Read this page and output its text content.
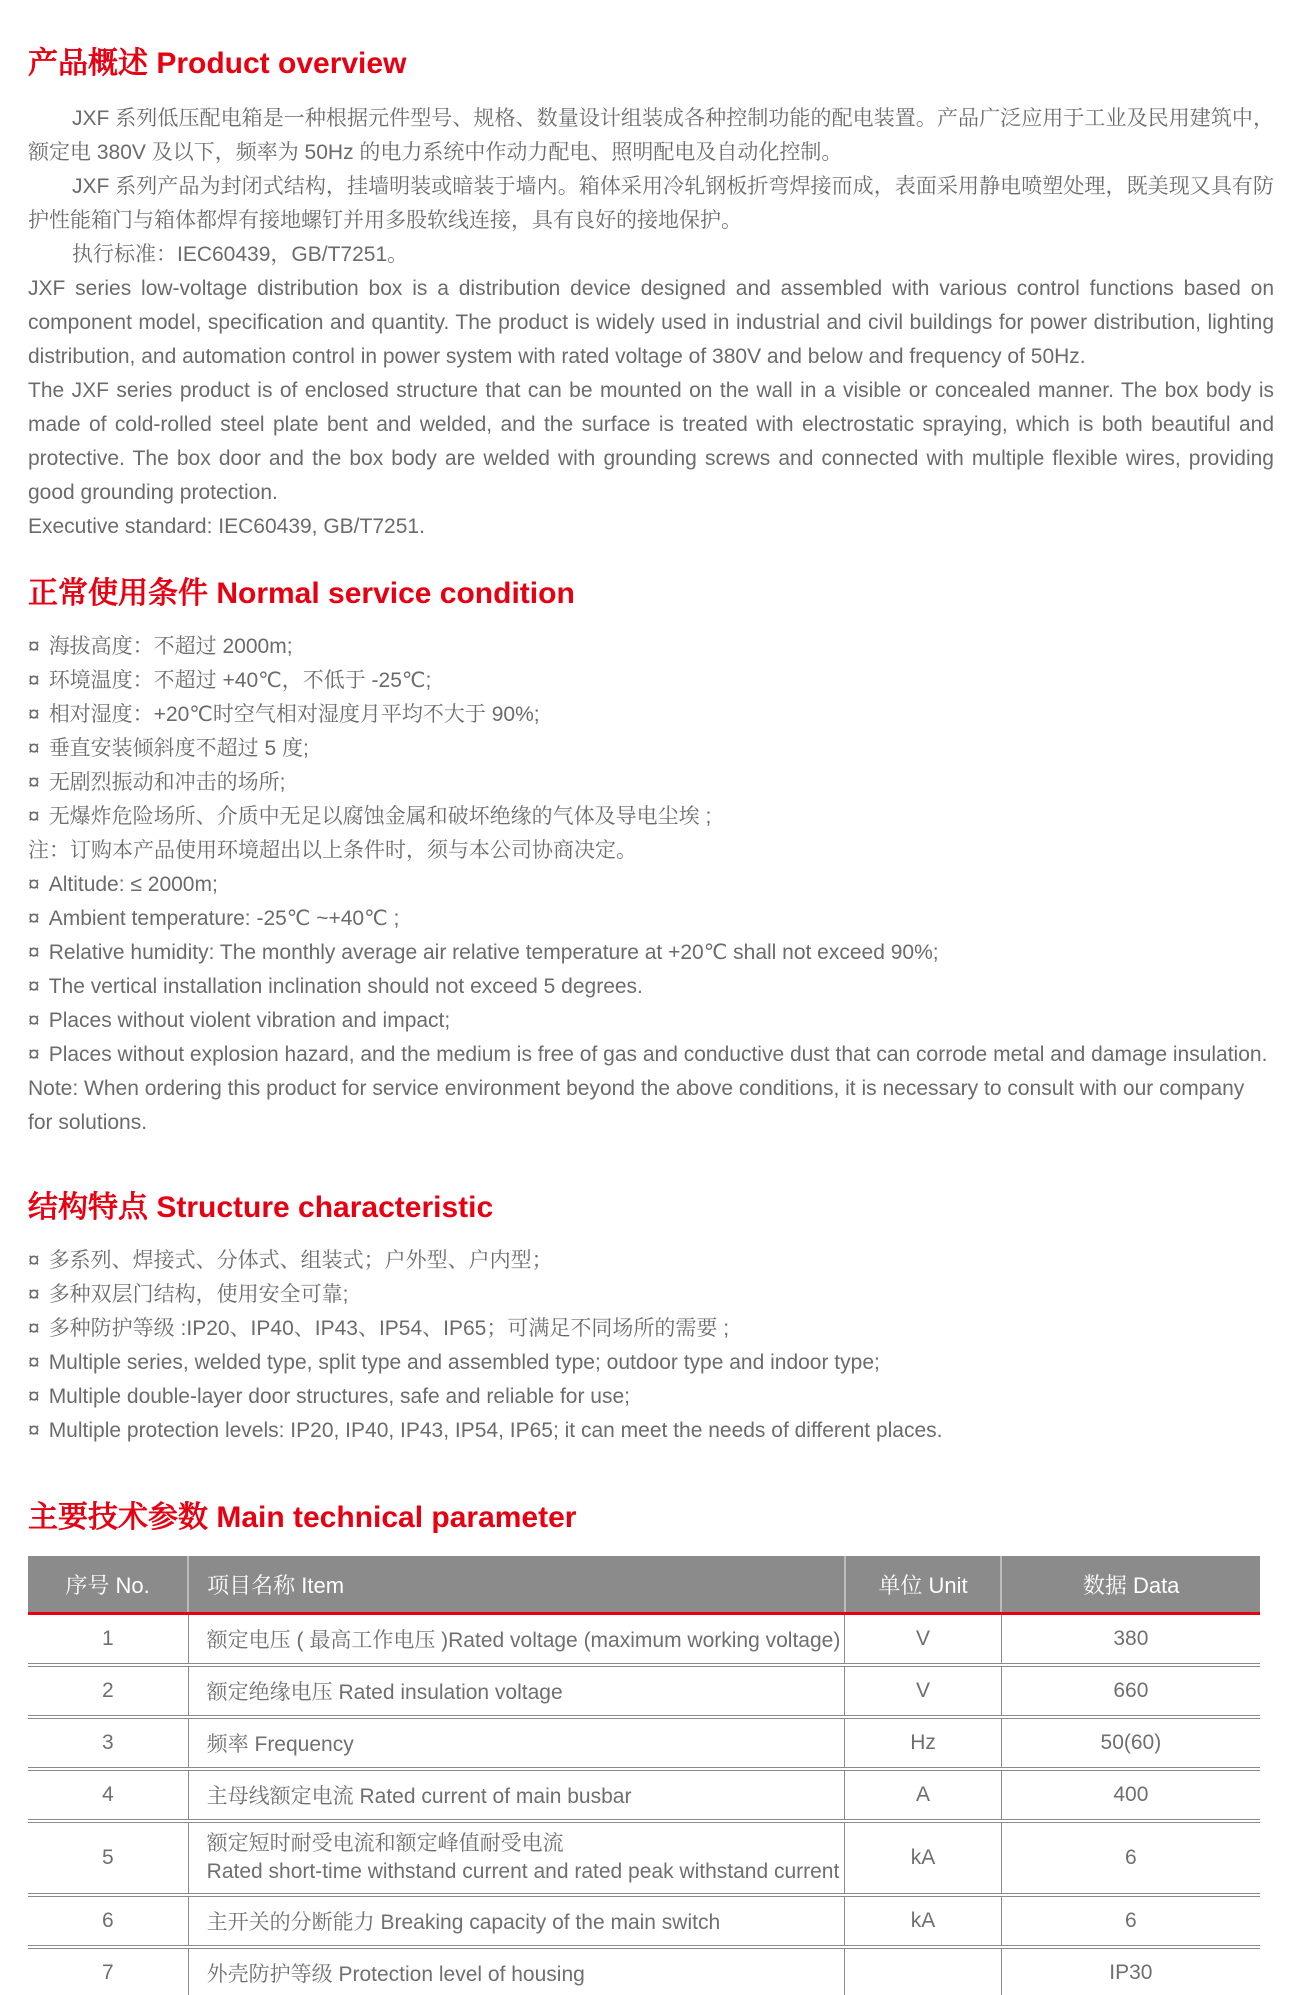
产品概述 Product overview

JXF 系列低压配电箱是一种根据元件型号、规格、数量设计组装成各种控制功能的配电装置。产品广泛应用于工业及民用建筑中，额定电 380V 及以下，频率为 50Hz 的电力系统中作动力配电、照明配电及自动化控制。

JXF 系列产品为封闭式结构，挂墙明装或暗装于墙内。箱体采用冷轧钢板折弯焊接而成，表面采用静电喷塑处理，既美现又具有防护性能箱门与箱体都焊有接地螺钉并用多股软线连接，具有良好的接地保护。

执行标准：IEC60439，GB/T7251。

JXF series low-voltage distribution box is a distribution device designed and assembled with various control functions based on component model, specification and quantity. The product is widely used in industrial and civil buildings for power distribution, lighting distribution, and automation control in power system with rated voltage of 380V and below and frequency of 50Hz.

The JXF series product is of enclosed structure that can be mounted on the wall in a visible or concealed manner. The box body is made of cold-rolled steel plate bent and welded, and the surface is treated with electrostatic spraying, which is both beautiful and protective. The box door and the box body are welded with grounding screws and connected with multiple flexible wires, providing good grounding protection.

Executive standard: IEC60439, GB/T7251.

正常使用条件 Normal service condition
¤ 海拔高度：不超过 2000m;
¤ 环境温度：不超过 +40℃，不低于 -25℃;
¤ 相对湿度：+20℃时空气相对湿度月平均不大于 90%;
¤ 垂直安装倾斜度不超过 5 度;
¤ 无剧烈振动和冲击的场所;
¤ 无爆炸危险场所、介质中无足以腐蚀金属和破坏绝缘的气体及导电尘埃 ;
注：订购本产品使用环境超出以上条件时，须与本公司协商决定。
¤ Altitude: ≤ 2000m;
¤ Ambient temperature: -25℃ ~+40℃ ;
¤ Relative humidity: The monthly average air relative temperature at +20℃ shall not exceed 90%;
¤ The vertical installation inclination should not exceed 5 degrees.
¤ Places without violent vibration and impact;
¤ Places without explosion hazard, and the medium is free of gas and conductive dust that can corrode metal and damage insulation.
Note: When ordering this product for service environment beyond the above conditions, it is necessary to consult with our company for solutions.
结构特点 Structure characteristic
¤ 多系列、焊接式、分体式、组装式；户外型、户内型；
¤ 多种双层门结构，使用安全可靠;
¤ 多种防护等级 :IP20、IP40、IP43、IP54、IP65；可满足不同场所的需要 ;
¤ Multiple series, welded type, split type and assembled type; outdoor type and indoor type;
¤ Multiple double-layer door structures, safe and reliable for use;
¤ Multiple protection levels: IP20, IP40, IP43, IP54, IP65; it can meet the needs of different places.
主要技术参数 Main technical parameter
序号 No.	项目名称 Item	单位 Unit	数据 Data
1	额定电压 ( 最高工作电压 )Rated voltage (maximum working voltage)	V	380
2	额定绝缘电压 Rated insulation voltage	V	660
3	频率 Frequency	Hz	50(60)
4	主母线额定电流 Rated current of main busbar	A	400
5	额定短时耐受电流和额定峰值耐受电流
Rated short-time withstand current and rated peak withstand current	kA	6
6	主开关的分断能力 Breaking capacity of the main switch	kA	6
7	外壳防护等级 Protection level of housing		IP30
